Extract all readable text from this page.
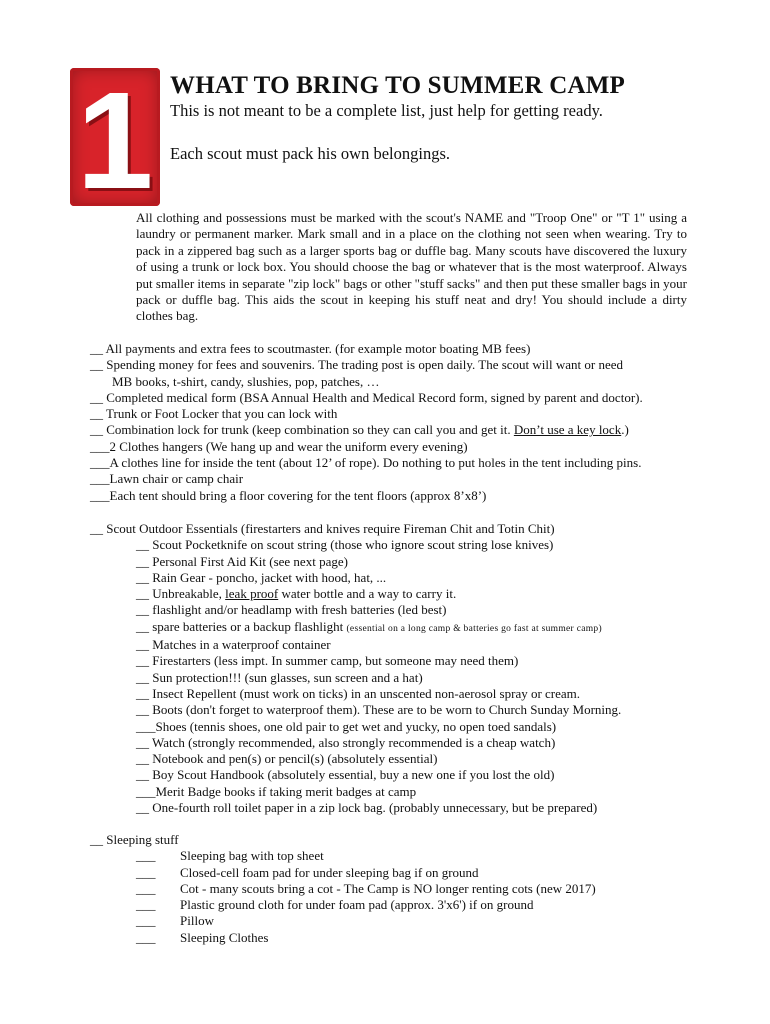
1 WHAT TO BRING TO SUMMER CAMP
This is not meant to be a complete list, just help for getting ready.
Each scout must pack his own belongings.
All clothing and possessions must be marked with the scout's NAME and "Troop One" or "T 1" using a laundry or permanent marker. Mark small and in a place on the clothing not seen when wearing. Try to pack in a zippered bag such as a larger sports bag or duffle bag. Many scouts have discovered the luxury of using a trunk or lock box. You should choose the bag or whatever that is the most waterproof. Always put smaller items in separate "zip lock" bags or other "stuff sacks" and then put these smaller bags in your pack or duffle bag. This aids the scout in keeping his stuff neat and dry! You should include a dirty clothes bag.
__ All payments and extra fees to scoutmaster. (for example motor boating MB fees)
__ Spending money for fees and souvenirs. The trading post is open daily. The scout will want or need
MB books, t-shirt, candy, slushies, pop, patches, …
__ Completed medical form (BSA Annual Health and Medical Record form, signed by parent and doctor).
__ Trunk or Foot Locker that you can lock with
__ Combination lock for trunk (keep combination so they can call you and get it. Don’t use a key lock.)
___2 Clothes hangers (We hang up and wear the uniform every evening)
___A clothes line for inside the tent (about 12’ of rope). Do nothing to put holes in the tent including pins.
___Lawn chair or camp chair
___Each tent should bring a floor covering for the tent floors (approx 8’x8’)
__ Scout Outdoor Essentials (firestarters and knives require Fireman Chit and Totin Chit)
__ Scout Pocketknife on scout string (those who ignore scout string lose knives)
__ Personal First Aid Kit (see next page)
__ Rain Gear - poncho, jacket with hood, hat, ...
__ Unbreakable, leak proof water bottle and a way to carry it.
__ flashlight and/or headlamp with fresh batteries (led best)
__ spare batteries or a backup flashlight (essential on a long camp & batteries go fast at summer camp)
__ Matches in a waterproof container
__ Firestarters (less impt. In summer camp, but someone may need them)
__ Sun protection!!! (sun glasses, sun screen and a hat)
__ Insect Repellent (must work on ticks) in an unscented non-aerosol spray or cream.
__ Boots (don't forget to waterproof them). These are to be worn to Church Sunday Morning.
___Shoes (tennis shoes, one old pair to get wet and yucky, no open toed sandals)
__ Watch (strongly recommended, also strongly recommended is a cheap watch)
__ Notebook and pen(s) or pencil(s) (absolutely essential)
__ Boy Scout Handbook (absolutely essential, buy a new one if you lost the old)
___Merit Badge books if taking merit badges at camp
__ One-fourth roll toilet paper in a zip lock bag. (probably unnecessary, but be prepared)
__ Sleeping stuff
___	Sleeping bag with top sheet
___	Closed-cell foam pad for under sleeping bag if on ground
___	Cot - many scouts bring a cot - The Camp is NO longer renting cots (new 2017)
___	Plastic ground cloth for under foam pad (approx. 3'x6') if on ground
___	Pillow
___	Sleeping Clothes
